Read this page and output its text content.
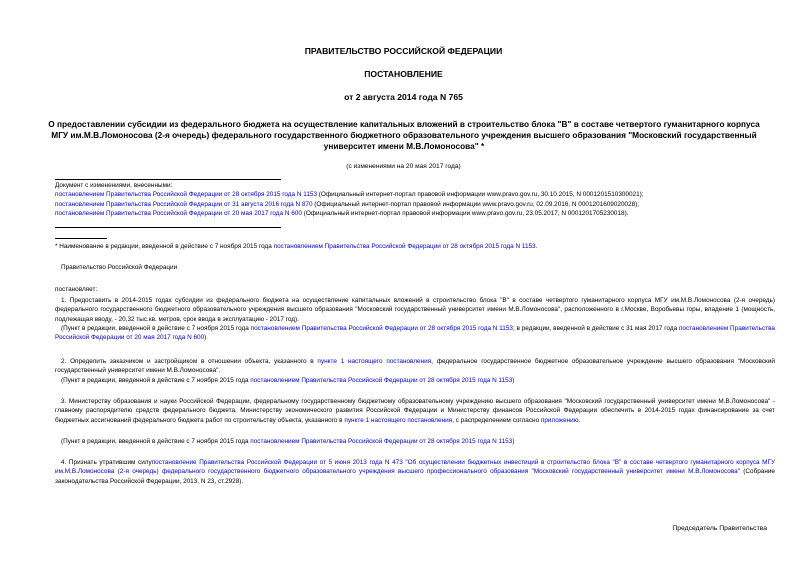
ПРАВИТЕЛЬСТВО РОССИЙСКОЙ ФЕДЕРАЦИИ
ПОСТАНОВЛЕНИЕ
от 2 августа 2014 года N 765
О предоставлении субсидии из федерального бюджета на осуществление капитальных вложений в строительство блока "В" в составе четвертого гуманитарного корпуса МГУ им.М.В.Ломоносова (2-я очередь) федерального государственного бюджетного образовательного учреждения высшего образования "Московский государственный университет имени М.В.Ломоносова" *
(с изменениями на 20 мая 2017 года)
Документ с изменениями, внесенными:
постановлением Правительства Российской Федерации от 28 октября 2015 года N 1153 (Официальный интернет-портал правовой информации www.pravo.gov.ru, 30.10.2015, N 0001201510300021);
постановлением Правительства Российской Федерации от 31 августа 2016 года N 870 (Официальный интернет-портал правовой информации www.pravo.gov.ru, 02.09.2016, N 0001201609020028);
постановлением Правительства Российской Федерации от 20 мая 2017 года N 600 (Официальный интернет-портал правовой информации www.pravo.gov.ru, 23.05.2017, N 0001201705230018).
* Наименование в редакции, введенной в действие с 7 ноября 2015 года постановлением Правительства Российской Федерации от 28 октября 2015 года N 1153.
Правительство Российской Федерации
постановляет:
1. Предоставить в 2014-2015 годах субсидии из федерального бюджета на осуществление капитальных вложений в строительство блока "В" в составе четвертого гуманитарного корпуса МГУ им.М.В.Ломоносова (2-я очередь) федерального государственного бюджетного образовательного учреждения высшего образования "Московский государственный университет имени М.В.Ломоносова", расположенного в г.Москве, Воробьевы горы, владение 1 (мощность, подлежащая вводу, - 20,32 тыс.кв. метров, срок ввода в эксплуатацию - 2017 год).
(Пункт в редакции, введенной в действие с 7 ноября 2015 года постановлением Правительства Российской Федерации от 28 октября 2015 года N 1153; в редакции, введенной в действие с 31 мая 2017 года постановлением Правительства Российской Федерации от 20 мая 2017 года N 600)
2. Определить заказчиком и застройщиком в отношении объекта, указанного в пункте 1 настоящего постановления, федеральное государственное бюджетное образовательное учреждение высшего образования "Московский государственный университет имени М.В.Ломоносова".
(Пункт в редакции, введенной в действие с 7 ноября 2015 года постановлением Правительства Российской Федерации от 28 октября 2015 года N 1153)
3. Министерству образования и науки Российской Федерации, федеральному государственному бюджетному образовательному учреждению высшего образования "Московский государственный университет имени М.В.Ломоносова" - главному распорядителю средств федерального бюджета, Министерству экономического развития Российской Федерации и Министерству финансов Российской Федерации обеспечить в 2014-2015 годах финансирование за счет бюджетных ассигнований федерального бюджета работ по строительству объекта, указанного в пункте 1 настоящего постановления, с распределением согласно приложению.
(Пункт в редакции, введенной в действие с 7 ноября 2015 года постановлением Правительства Российской Федерации от 28 октября 2015 года N 1153)
4. Признать утратившим силупостановление Правительства Российской Федерации от 5 июня 2013 года N 473 "Об осуществлении бюджетных инвестиций в строительство блока "В" в составе четвертого гуманитарного корпуса МГУ им.М.В.Ломоносова (2-я очередь) федерального государственного бюджетного образовательного учреждения высшего профессионального образования "Московский государственный университет имени М.В.Ломоносова" (Собрание законодательства Российской Федерации, 2013, N 23, ст.2928).
Председатель Правительства
